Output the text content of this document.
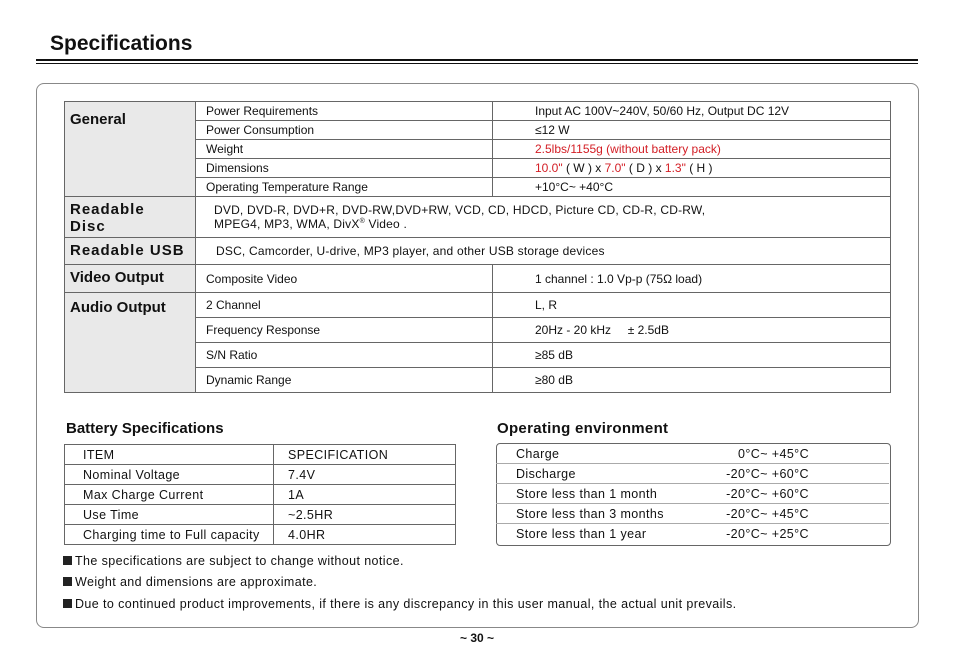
Specifications
General	Power Requirements	Input AC 100V~240V, 50/60 Hz, Output DC 12V
	Power Consumption	≤12 W
	Weight	2.5lbs/1155g (without battery pack)
	Dimensions	10.0" ( W ) x 7.0" ( D ) x 1.3" ( H )
	Operating Temperature Range	+10°C~ +40°C
Readable
Disc	DVD, DVD-R, DVD+R, DVD-RW,DVD+RW, VCD, CD, HDCD, Picture CD, CD-R, CD-RW,
MPEG4, MP3, WMA, DivX® Video .	
Readable USB	DSC, Camcorder, U-drive, MP3 player, and other USB storage devices	
Video Output	Composite Video	1 channel : 1.0 Vp-p (75Ω load)
Audio Output	2 Channel	L, R
	Frequency Response	20Hz - 20 kHz     ± 2.5dB
	S/N Ratio	≥85 dB
	Dynamic Range	≥80 dB
Battery Specifications
ITEM	SPECIFICATION
Nominal Voltage	7.4V
Max Charge Current	1A
Use Time	~2.5HR
Charging time to Full capacity	4.0HR
Operating environment
Charge	0°C~ +45°C
Discharge	-20°C~ +60°C
Store less than 1 month	-20°C~ +60°C
Store less than 3 months	-20°C~ +45°C
Store less than 1 year	-20°C~ +25°C
The specifications are subject to change without notice.
Weight and dimensions are approximate.
Due to continued product improvements, if there is any discrepancy in this user manual, the actual unit prevails.
~ 30 ~
